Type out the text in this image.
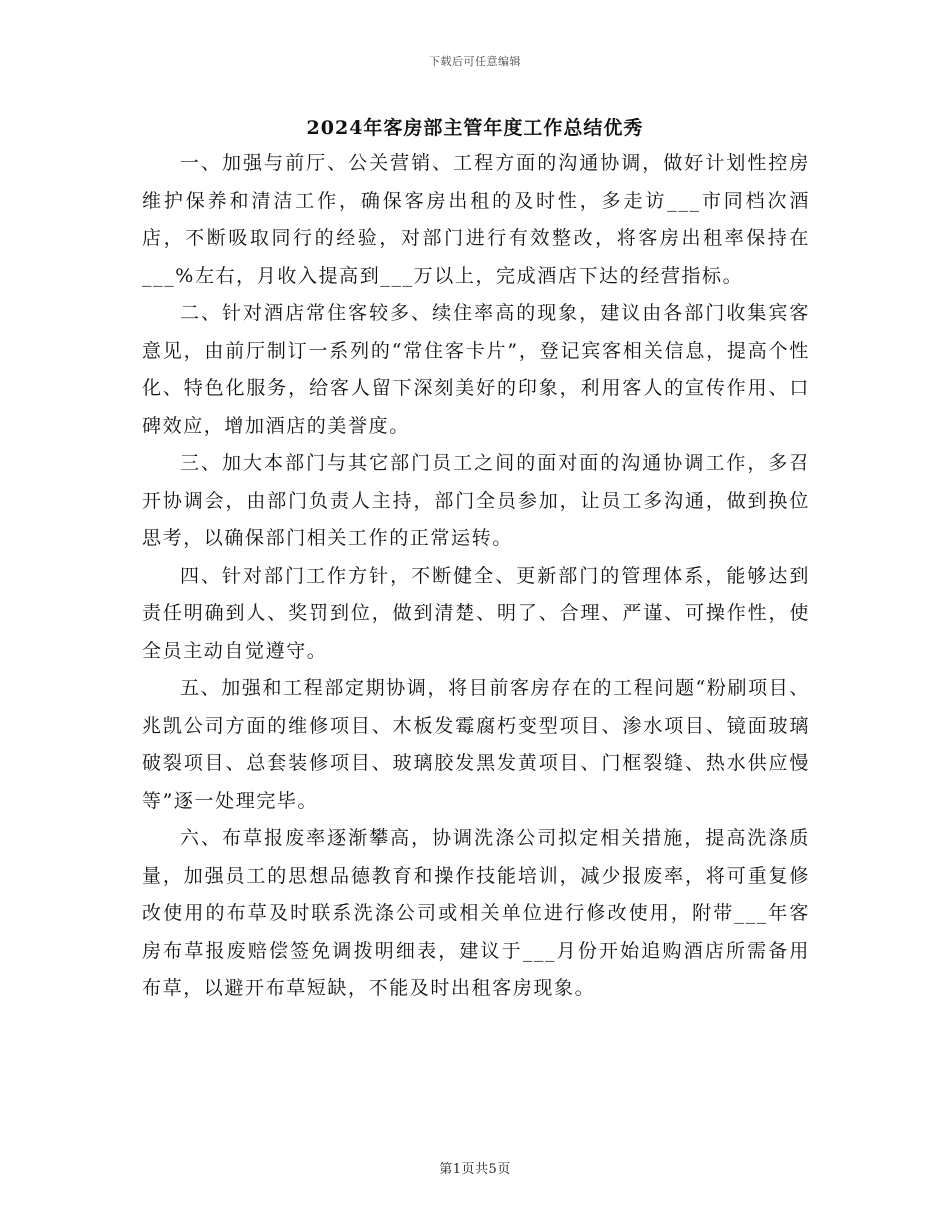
下载后可任意编辑
2024年客房部主管年度工作总结优秀

一、加强与前厅、公关营销、工程方面的沟通协调，做好计划性控房维护保养和清洁工作，确保客房出租的及时性，多走访___市同档次酒店，不断吸取同行的经验，对部门进行有效整改，将客房出租率保持在___%左右，月收入提高到___万以上，完成酒店下达的经营指标。

二、针对酒店常住客较多、续住率高的现象，建议由各部门收集宾客意见，由前厅制订一系列的“常住客卡片”，登记宾客相关信息，提高个性化、特色化服务，给客人留下深刻美好的印象，利用客人的宣传作用、口碑效应，增加酒店的美誉度。

三、加大本部门与其它部门员工之间的面对面的沟通协调工作，多召开协调会，由部门负责人主持，部门全员参加，让员工多沟通，做到换位思考，以确保部门相关工作的正常运转。

四、针对部门工作方针，不断健全、更新部门的管理体系，能够达到责任明确到人、奖罚到位，做到清楚、明了、合理、严谨、可操作性，使全员主动自觉遵守。

五、加强和工程部定期协调，将目前客房存在的工程问题“粉刷项目、兆凯公司方面的维修项目、木板发霉腐朽变型项目、渗水项目、镜面玻璃破裂项目、总套装修项目、玻璃胶发黑发黄项目、门框裂缝、热水供应慢等”逐一处理完毕。

六、布草报废率逐渐攀高，协调洗涤公司拟定相关措施，提高洗涤质量，加强员工的思想品德教育和操作技能培训，减少报废率，将可重复修改使用的布草及时联系洗涤公司或相关单位进行修改使用，附带___年客房布草报废赔偿签免调拨明细表，建议于___月份开始追购酒店所需备用布草，以避开布草短缺，不能及时出租客房现象。

第1页共5页
